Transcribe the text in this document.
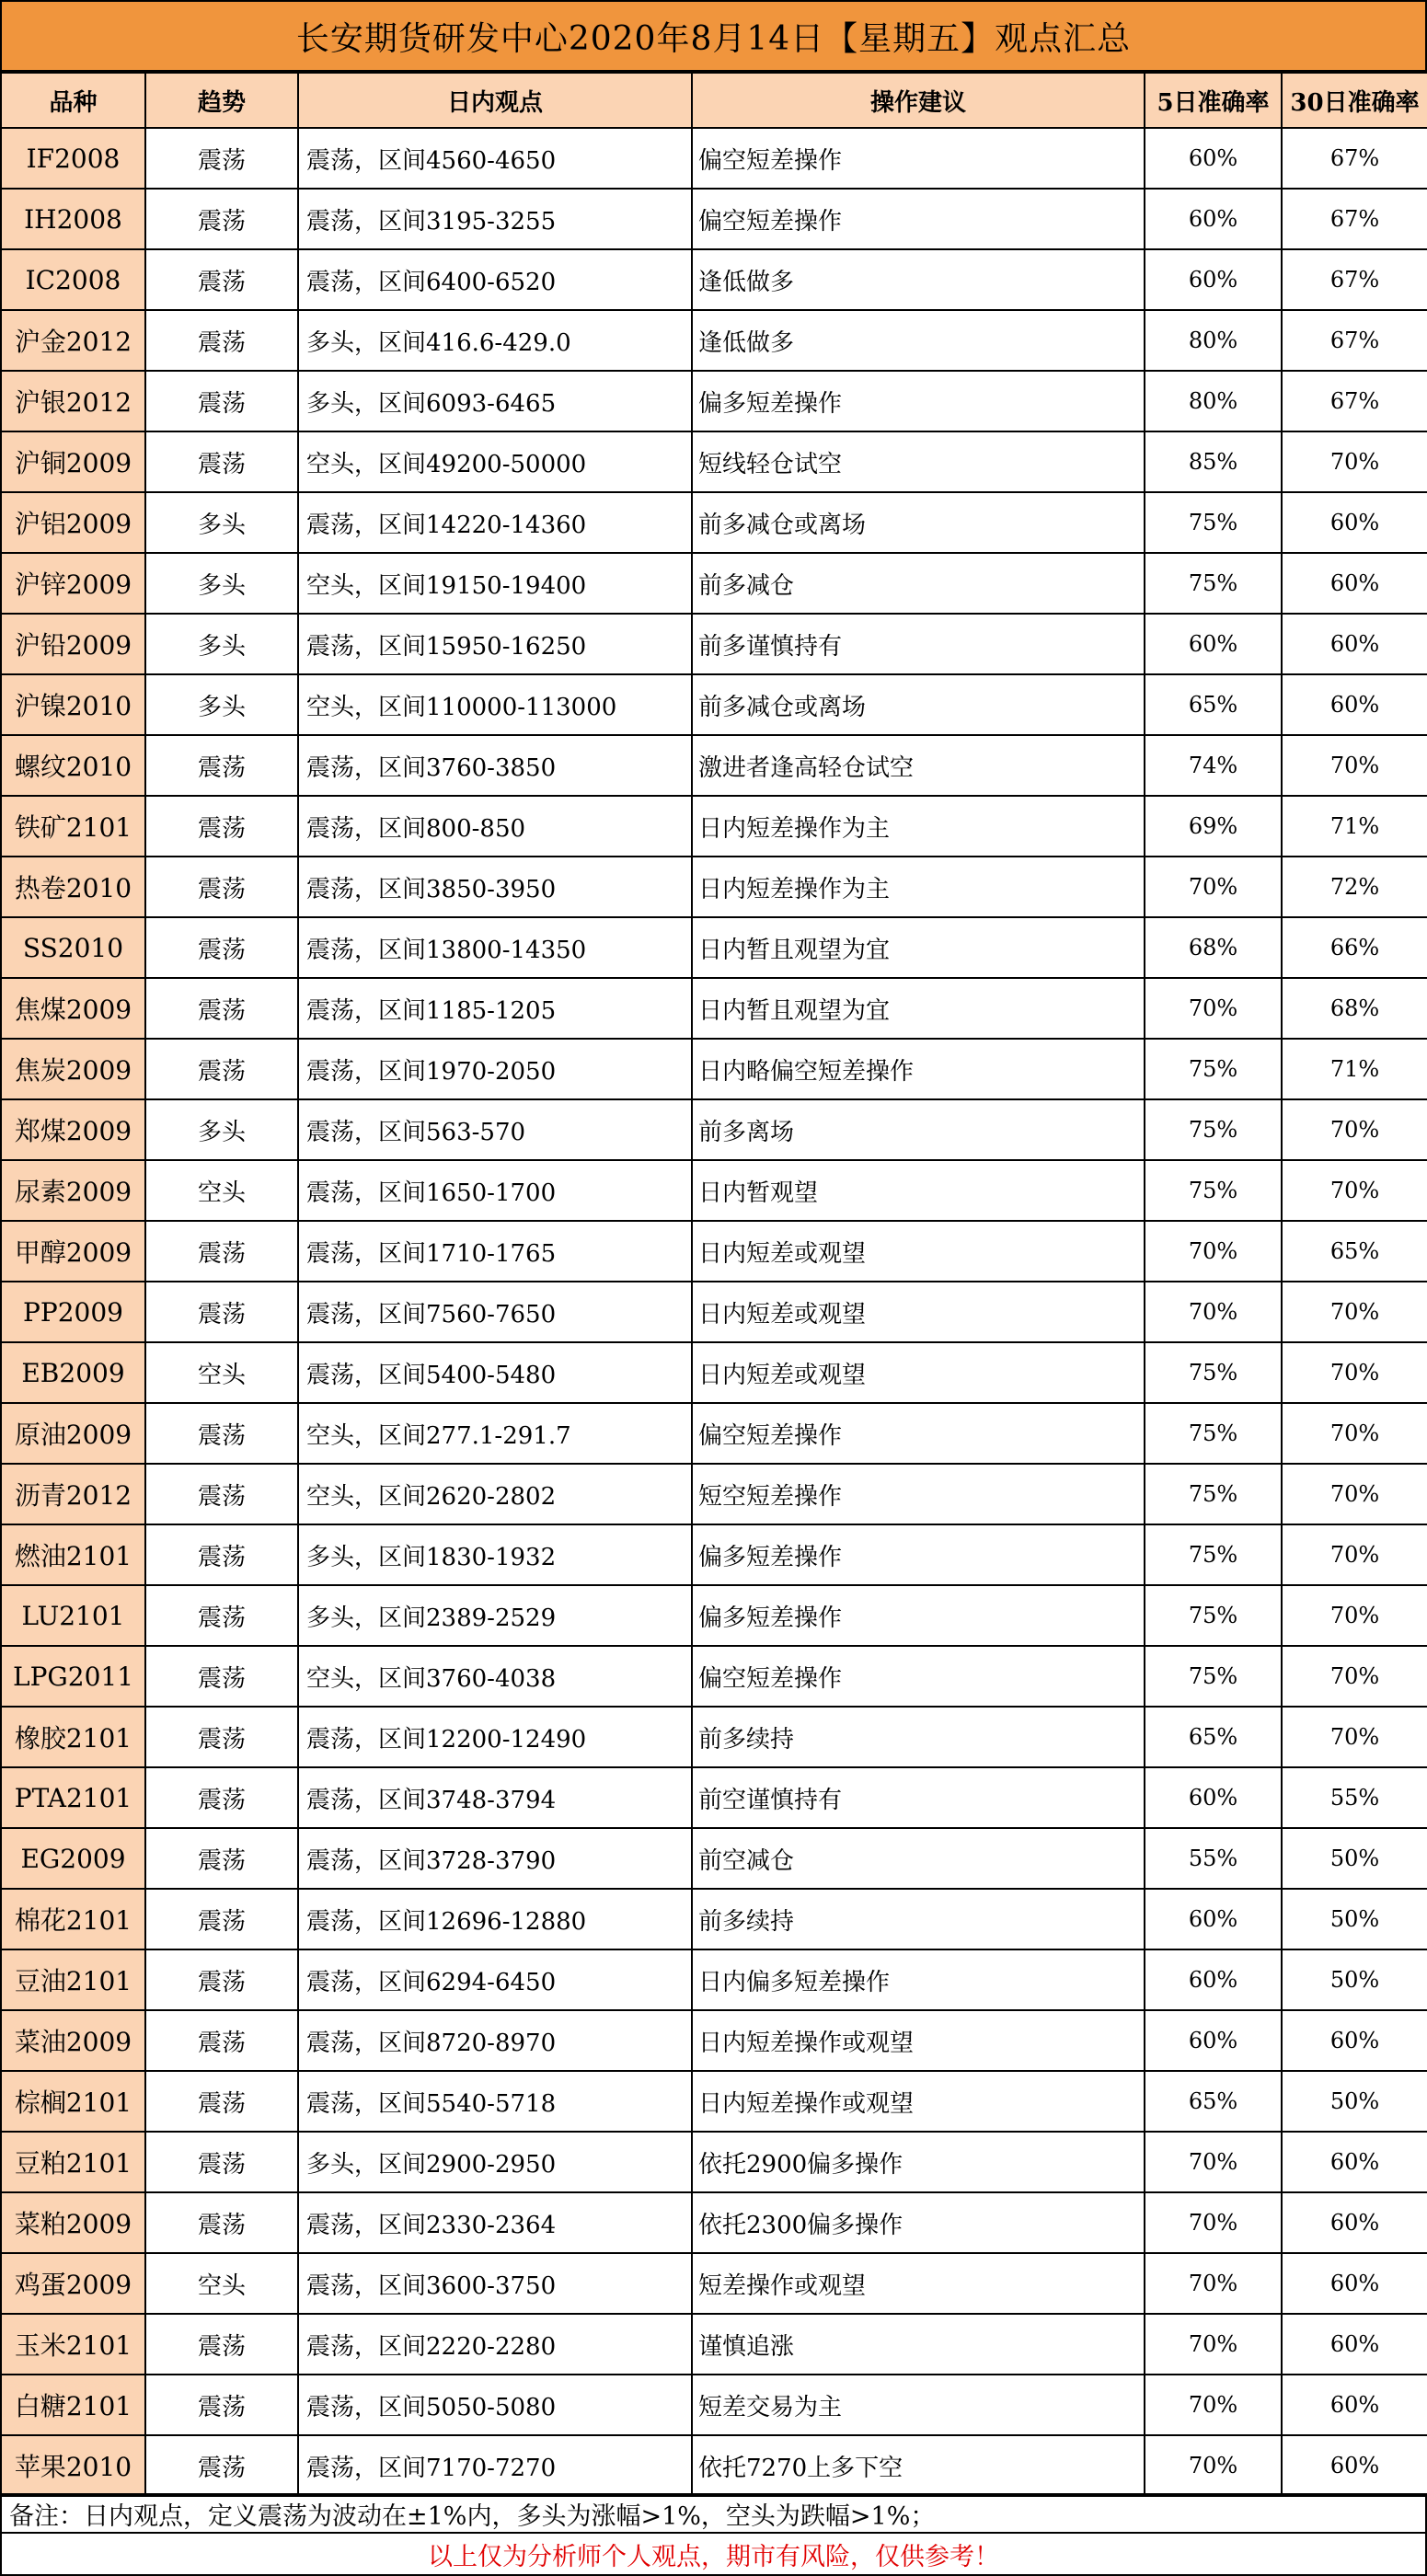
长安期货研发中心2020年8月14日【星期五】观点汇总
品种	趋势	日内观点	操作建议	5日准确率	30日准确率
IF2008	震荡	震荡，区间4560-4650	偏空短差操作	60%	67%
IH2008	震荡	震荡，区间3195-3255	偏空短差操作	60%	67%
IC2008	震荡	震荡，区间6400-6520	逢低做多	60%	67%
沪金2012	震荡	多头，区间416.6-429.0	逢低做多	80%	67%
沪银2012	震荡	多头，区间6093-6465	偏多短差操作	80%	67%
沪铜2009	震荡	空头，区间49200-50000	短线轻仓试空	85%	70%
沪铝2009	多头	震荡，区间14220-14360	前多减仓或离场	75%	60%
沪锌2009	多头	空头，区间19150-19400	前多减仓	75%	60%
沪铅2009	多头	震荡，区间15950-16250	前多谨慎持有	60%	60%
沪镍2010	多头	空头，区间110000-113000	前多减仓或离场	65%	60%
螺纹2010	震荡	震荡，区间3760-3850	激进者逢高轻仓试空	74%	70%
铁矿2101	震荡	震荡，区间800-850	日内短差操作为主	69%	71%
热卷2010	震荡	震荡，区间3850-3950	日内短差操作为主	70%	72%
SS2010	震荡	震荡，区间13800-14350	日内暂且观望为宜	68%	66%
焦煤2009	震荡	震荡，区间1185-1205	日内暂且观望为宜	70%	68%
焦炭2009	震荡	震荡，区间1970-2050	日内略偏空短差操作	75%	71%
郑煤2009	多头	震荡，区间563-570	前多离场	75%	70%
尿素2009	空头	震荡，区间1650-1700	日内暂观望	75%	70%
甲醇2009	震荡	震荡，区间1710-1765	日内短差或观望	70%	65%
PP2009	震荡	震荡，区间7560-7650	日内短差或观望	70%	70%
EB2009	空头	震荡，区间5400-5480	日内短差或观望	75%	70%
原油2009	震荡	空头，区间277.1-291.7	偏空短差操作	75%	70%
沥青2012	震荡	空头，区间2620-2802	短空短差操作	75%	70%
燃油2101	震荡	多头，区间1830-1932	偏多短差操作	75%	70%
LU2101	震荡	多头，区间2389-2529	偏多短差操作	75%	70%
LPG2011	震荡	空头，区间3760-4038	偏空短差操作	75%	70%
橡胶2101	震荡	震荡，区间12200-12490	前多续持	65%	70%
PTA2101	震荡	震荡，区间3748-3794	前空谨慎持有	60%	55%
EG2009	震荡	震荡，区间3728-3790	前空减仓	55%	50%
棉花2101	震荡	震荡，区间12696-12880	前多续持	60%	50%
豆油2101	震荡	震荡，区间6294-6450	日内偏多短差操作	60%	50%
菜油2009	震荡	震荡，区间8720-8970	日内短差操作或观望	60%	60%
棕榈2101	震荡	震荡，区间5540-5718	日内短差操作或观望	65%	50%
豆粕2101	震荡	多头，区间2900-2950	依托2900偏多操作	70%	60%
菜粕2009	震荡	震荡，区间2330-2364	依托2300偏多操作	70%	60%
鸡蛋2009	空头	震荡，区间3600-3750	短差操作或观望	70%	60%
玉米2101	震荡	震荡，区间2220-2280	谨慎追涨	70%	60%
白糖2101	震荡	震荡，区间5050-5080	短差交易为主	70%	60%
苹果2010	震荡	震荡，区间7170-7270	依托7270上多下空	70%	60%
备注：日内观点，定义震荡为波动在±1%内，多头为涨幅>1%，空头为跌幅>1%；
以上仅为分析师个人观点，期市有风险，仅供参考！
